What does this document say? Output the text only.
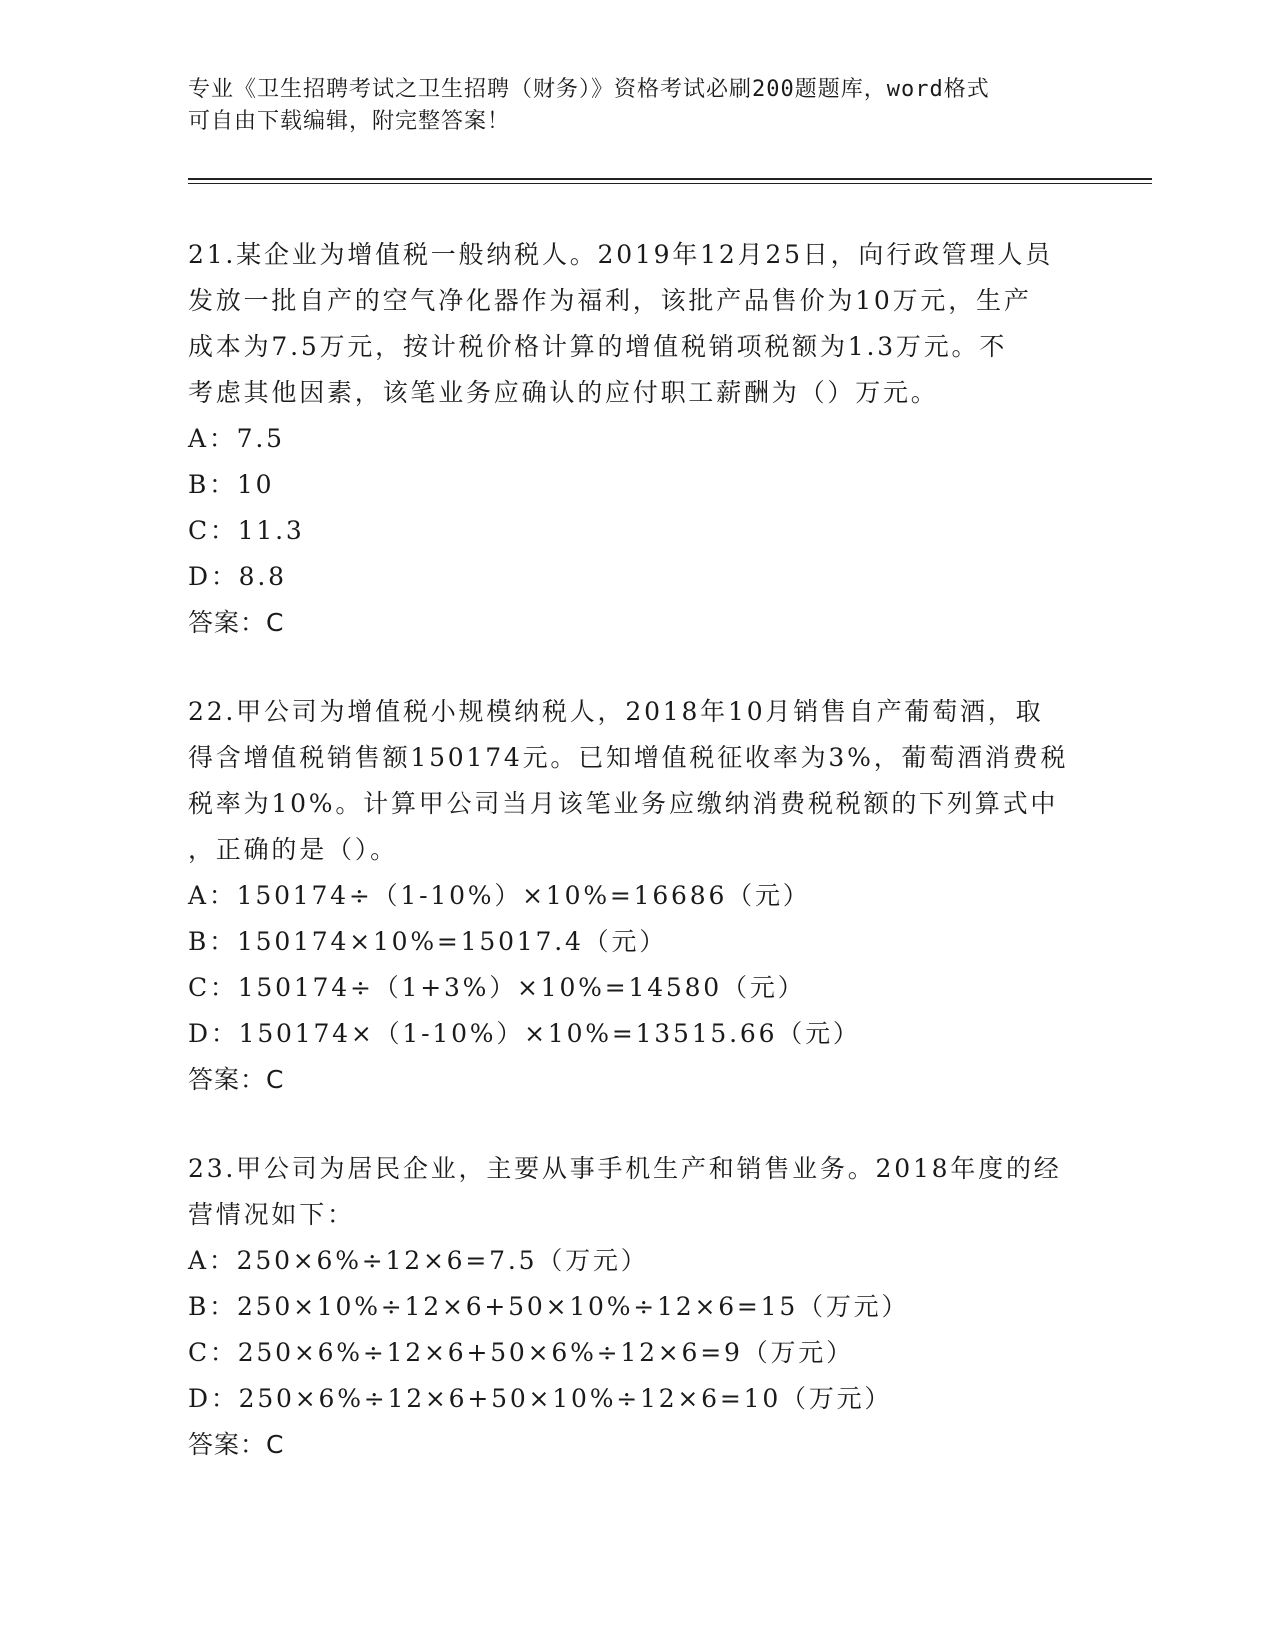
专业《卫生招聘考试之卫生招聘（财务）》资格考试必刷200题题库，word格式
可自由下载编辑，附完整答案！

21.某企业为增值税一般纳税人。2019年12月25日，向行政管理人员

发放一批自产的空气净化器作为福利，该批产品售价为10万元，生产

成本为7.5万元，按计税价格计算的增值税销项税额为1.3万元。不

考虑其他因素，该笔业务应确认的应付职工薪酬为（）万元。

A：7.5

B：10

C：11.3

D：8.8

答案：C

22.甲公司为增值税小规模纳税人，2018年10月销售自产葡萄酒，取

得含增值税销售额150174元。已知增值税征收率为3%，葡萄酒消费税

税率为10%。计算甲公司当月该笔业务应缴纳消费税税额的下列算式中

，正确的是（）。

A：150174÷（1-10%）×10%=16686（元）

B：150174×10%=15017.4（元）

C：150174÷（1+3%）×10%=14580（元）

D：150174×（1-10%）×10%=13515.66（元）

答案：C

23.甲公司为居民企业，主要从事手机生产和销售业务。2018年度的经

营情况如下：

A：250×6%÷12×6=7.5（万元）

B：250×10%÷12×6+50×10%÷12×6=15（万元）

C：250×6%÷12×6+50×6%÷12×6=9（万元）

D：250×6%÷12×6+50×10%÷12×6=10（万元）

答案：C
